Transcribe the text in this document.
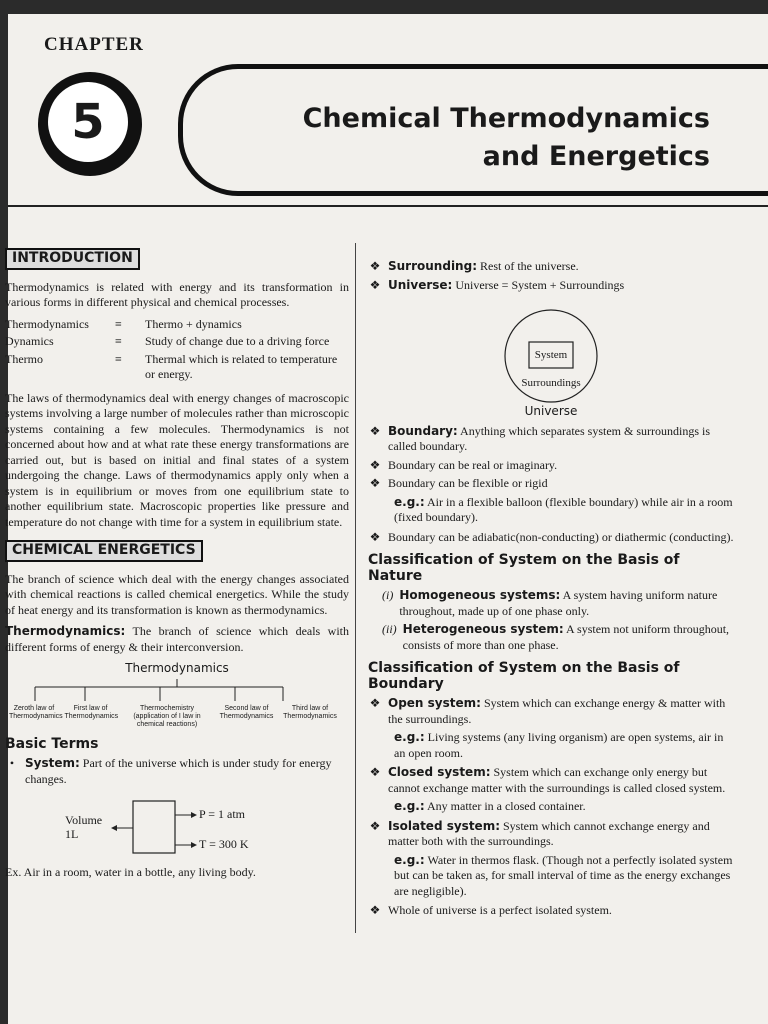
CHAPTER
5	Chemical Thermodynamics
and Energetics
INTRODUCTION

Thermodynamics is related with energy and its transformation in various forms in different physical and chemical processes.

Thermodynamics	≡	Thermo + dynamics
Dynamics	≡	Study of change due to a driving force
Thermo	≡	Thermal which is related to temperature or energy.

The laws of thermodynamics deal with energy changes of macroscopic systems involving a large number of molecules rather than microscopic systems containing a few molecules. Thermodynamics is not concerned about how and at what rate these energy transformations are carried out, but is based on initial and final states of a system undergoing the change. Laws of thermodynamics apply only when a system is in equilibrium or moves from one equilibrium state to another equilibrium state. Macroscopic properties like pressure and temperature do not change with time for a system in equilibrium state.

CHEMICAL ENERGETICS

The branch of science which deal with the energy changes associated with chemical reactions is called chemical energetics. While the study of heat energy and its transformation is known as thermodynamics.

Thermodynamics: The branch of science which deals with different forms of energy & their interconversion.

Thermodynamics
Zeroth law of Thermodynamics
First law of Thermodynamics
Thermochemistry (application of I law in chemical reactions)
Second law of Thermodynamics
Third law of Thermodynamics
Basic Terms
• System: Part of the universe which is under study for energy changes.
P = 1 atm
Volume
1L
T = 300 K

Ex. Air in a room, water in a bottle, any living body.

❖ Surrounding: Rest of the universe.
❖ Universe: Universe = System + Surroundings
System
Surroundings
Universe
❖ Boundary: Anything which separates system & surroundings is called boundary.
❖ Boundary can be real or imaginary.
❖ Boundary can be flexible or rigid
e.g.: Air in a flexible balloon (flexible boundary) while air in a room (fixed boundary).
❖ Boundary can be adiabatic(non-conducting) or diathermic (conducting).
Classification of System on the Basis of Nature
(i) Homogeneous systems: A system having uniform nature throughout, made up of one phase only.
(ii) Heterogeneous system: A system not uniform throughout, consists of more than one phase.
Classification of System on the Basis of Boundary
❖ Open system: System which can exchange energy & matter with the surroundings.
e.g.: Living systems (any living organism) are open systems, air in an open room.
❖ Closed system: System which can exchange only energy but cannot exchange matter with the surroundings is called closed system.
e.g.: Any matter in a closed container.
❖ Isolated system: System which cannot exchange energy and matter both with the surroundings.
e.g.: Water in thermos flask. (Though not a perfectly isolated system but can be taken as, for small interval of time as the energy exchanges are negligible).
❖ Whole of universe is a perfect isolated system.
